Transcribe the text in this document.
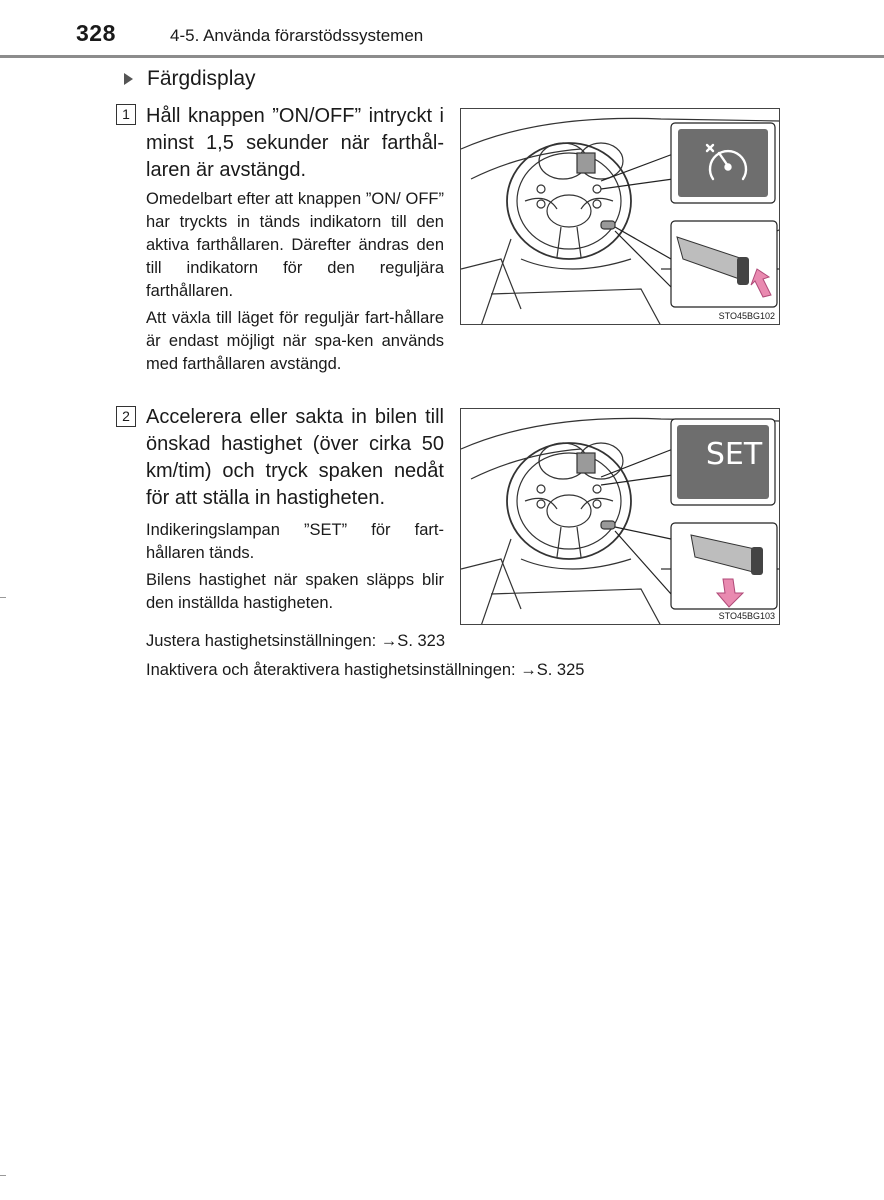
328	4-5. Använda förarstödssystemen
Färgdisplay
1 Håll knappen ”ON/OFF” intryckt i minst 1,5 sekunder när farthål-laren är avstängd.
Omedelbart efter att knappen ”ON/ OFF” har tryckts in tänds indikatorn till den aktiva farthållaren. Därefter ändras den till indikatorn för den reguljära farthållaren.
Att växla till läget för reguljär fart-hållare är endast möjligt när spa-ken används med farthållaren avstängd.
STO45BG102
2 Accelerera eller sakta in bilen till önskad hastighet (över cirka 50 km/tim) och tryck spaken nedåt för att ställa in hastigheten.
Indikeringslampan ”SET” för fart-hållaren tänds.
Bilens hastighet när spaken släpps blir den inställda hastigheten.
SET
STO45BG103
Justera hastighetsinställningen: →S. 323
Inaktivera och återaktivera hastighetsinställningen: →S. 325
